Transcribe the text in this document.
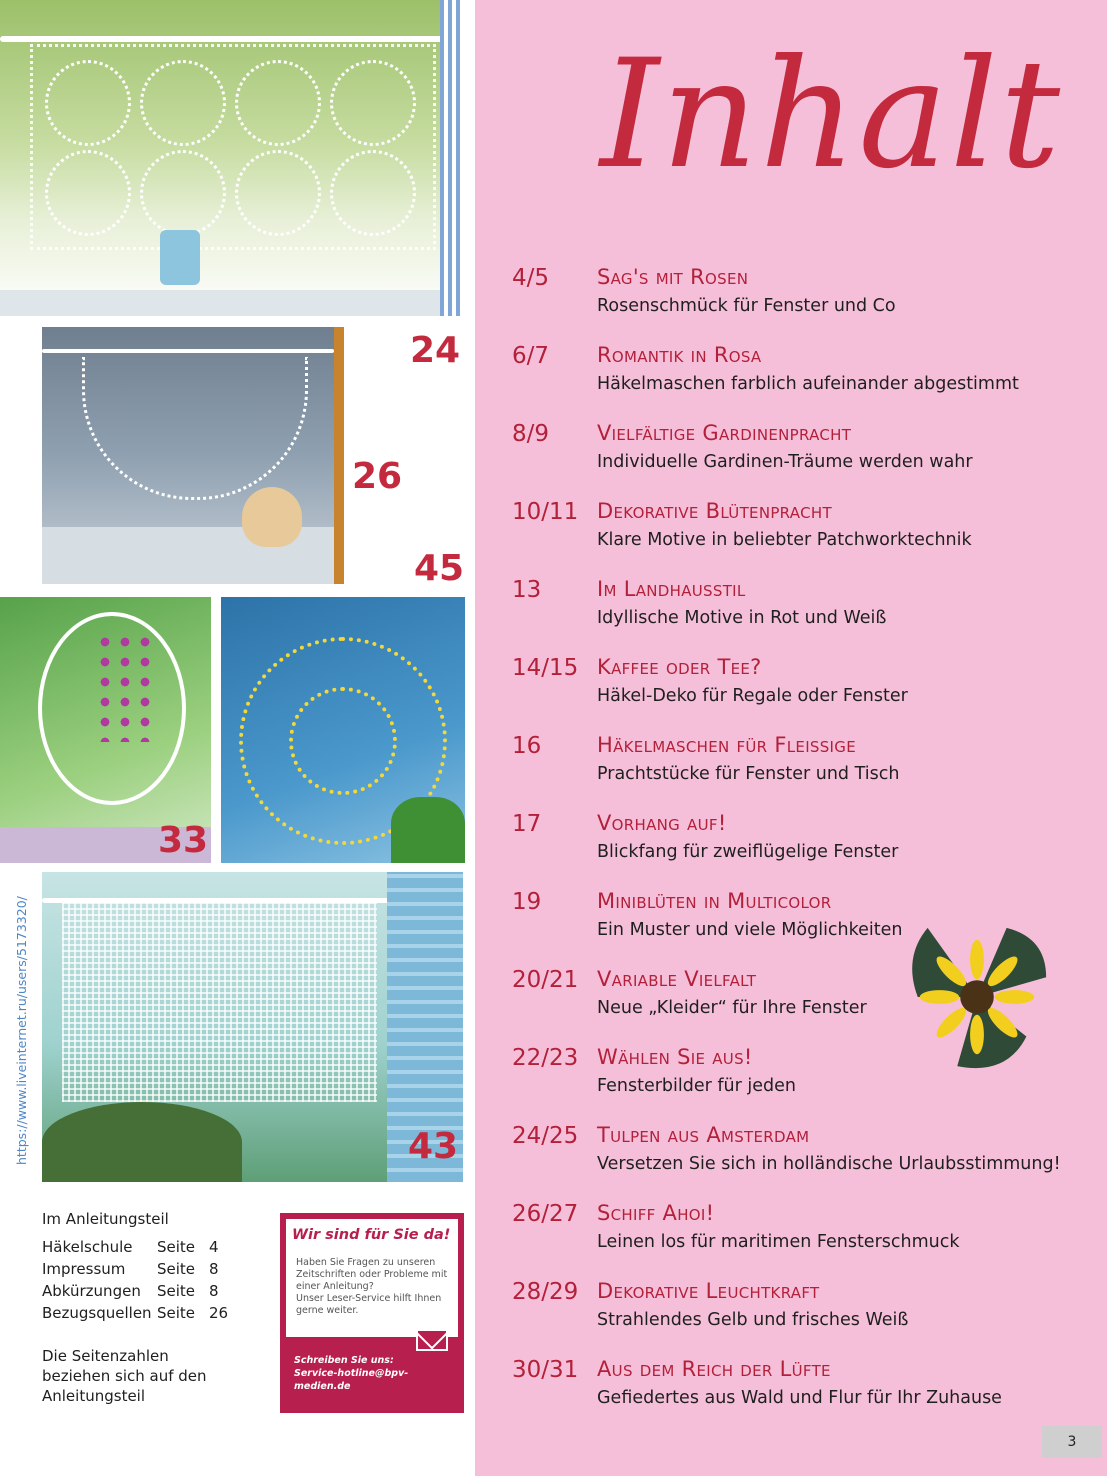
24
26
45
33
43
https://www.liveinternet.ru/users/5173320/
Im Anleitungsteil
Häkelschule	Seite	4
Impressum	Seite	8
Abkürzungen	Seite	8
Bezugsquellen	Seite	26
Die Seitenzahlen
beziehen sich auf den
Anleitungsteil
Wir sind für Sie da!
Haben Sie Fragen zu unseren
Zeitschriften oder Probleme mit
einer Anleitung?
Unser Leser-Service hilft Ihnen
gerne weiter.
Schreiben Sie uns:
Service-hotline@bpv-
medien.de
Inhalt
4/5 Sag's mit Rosen
Rosenschmück für Fenster und Co
6/7 Romantik in Rosa
Häkelmaschen farblich aufeinander abgestimmt
8/9 Vielfältige Gardinenpracht
Individuelle Gardinen-Träume werden wahr
10/11 Dekorative Blütenpracht
Klare Motive in beliebter Patchworktechnik
13	Im Landhausstil
Idyllische Motive in Rot und Weiß
14/15 Kaffee oder Tee?
Häkel-Deko für Regale oder Fenster
16	Häkelmaschen für Fleissige
Prachtstücke für Fenster und Tisch
17	Vorhang auf!
Blickfang für zweiflügelige Fenster
19	Miniblüten in Multicolor
Ein Muster und viele Möglichkeiten
20/21 Variable Vielfalt
Neue „Kleider“ für Ihre Fenster
22/23 Wählen Sie aus!
Fensterbilder für jeden
24/25 Tulpen aus Amsterdam
Versetzen Sie sich in holländische Urlaubsstimmung!
26/27 Schiff Ahoi!
Leinen los für maritimen Fensterschmuck
28/29 Dekorative Leuchtkraft
Strahlendes Gelb und frisches Weiß
30/31 Aus dem Reich der Lüfte
Gefiedertes aus Wald und Flur für Ihr Zuhause
3
